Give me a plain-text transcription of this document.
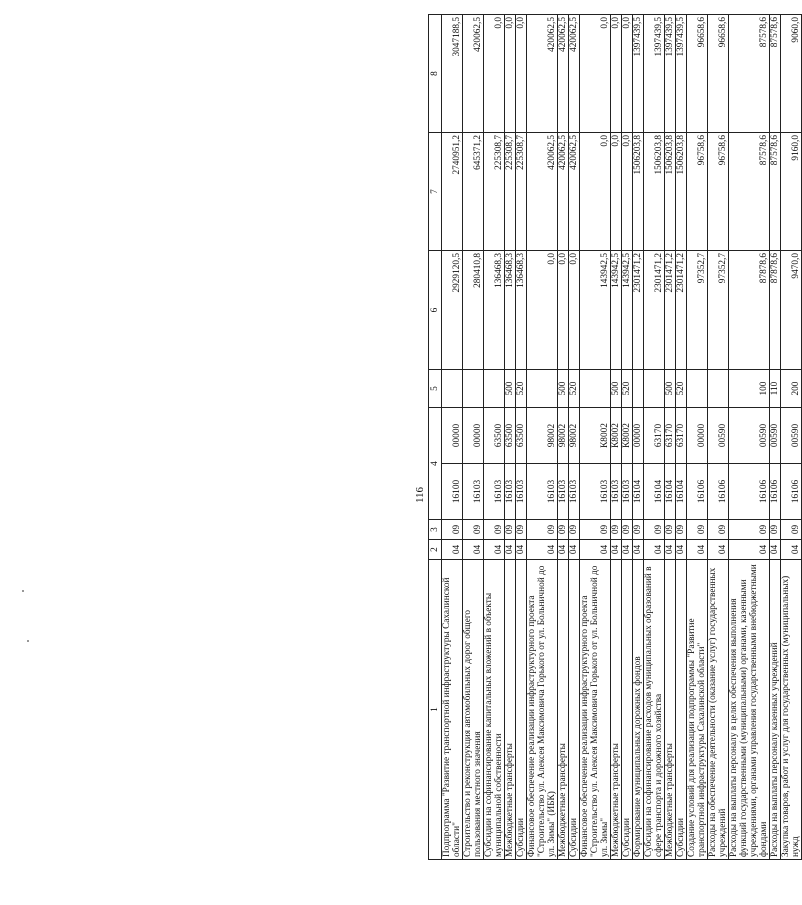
116
1	2	3	4		5	6	7	8
Подпрограмма "Развитие транспортной инфраструктуры Сахалинской области"	04	09	16100	00000		2929120,5	2740951,2	3047188,5
Строительство и реконструкция автомобильных дорог общего пользования местного значения	04	09	16103	00000		280410,8	645371,2	420062,5
Субсидии на софинансирование капитальных вложений в объекты муниципальной собственности	04	09	16103	63500		136468,3	225308,7	0,0
Межбюджетные трансферты	04	09	16103	63500	500	136468,3	225308,7	0,0
Субсидии	04	09	16103	63500	520	136468,3	225308,7	0,0
Финансовое обеспечение реализации инфраструктурного проекта "Строительство ул. Алексея Максимовича Горького от ул. Больничной до ул. Зимы" (ИБК)	04	09	16103	98002		0,0	420062,5	420062,5
Межбюджетные трансферты	04	09	16103	98002	500	0,0	420062,5	420062,5
Субсидии	04	09	16103	98002	520	0,0	420062,5	420062,5
Финансовое обеспечение реализации инфраструктурного проекта "Строительство ул. Алексея Максимовича Горького от ул. Больничной до ул. Зимы"	04	09	16103	К8002		143942,5	0,0	0,0
Межбюджетные трансферты	04	09	16103	К8002	500	143942,5	0,0	0,0
Субсидии	04	09	16103	К8002	520	143942,5	0,0	0,0
Формирование муниципальных дорожных фондов	04	09	16104	00000		2301471,2	1506203,8	1397439,5
Субсидии на софинансирование расходов муниципальных образований в сфере транспорта и дорожного хозяйства	04	09	16104	63170		2301471,2	1506203,8	1397439,5
Межбюджетные трансферты	04	09	16104	63170	500	2301471,2	1506203,8	1397439,5
Субсидии	04	09	16104	63170	520	2301471,2	1506203,8	1397439,5
Создание условий для реализации подпрограммы "Развитие транспортной инфраструктуры Сахалинской области"	04	09	16106	00000		97352,7	96758,6	96658,6
Расходы на обеспечение деятельности (оказание услуг) государственных учреждений	04	09	16106	00590		97352,7	96758,6	96658,6
Расходы на выплаты персоналу в целях обеспечения выполнения функций государственными (муниципальными) органами, казенными учреждениями, органами управления государственными внебюджетными фондами	04	09	16106	00590	100	87878,6	87578,6	87578,6
Расходы на выплаты персоналу казенных учреждений	04	09	16106	00590	110	87878,6	87578,6	87578,6
Закупка товаров, работ и услуг для государственных (муниципальных) нужд	04	09	16106	00590	200	9470,0	9160,0	9060,0
